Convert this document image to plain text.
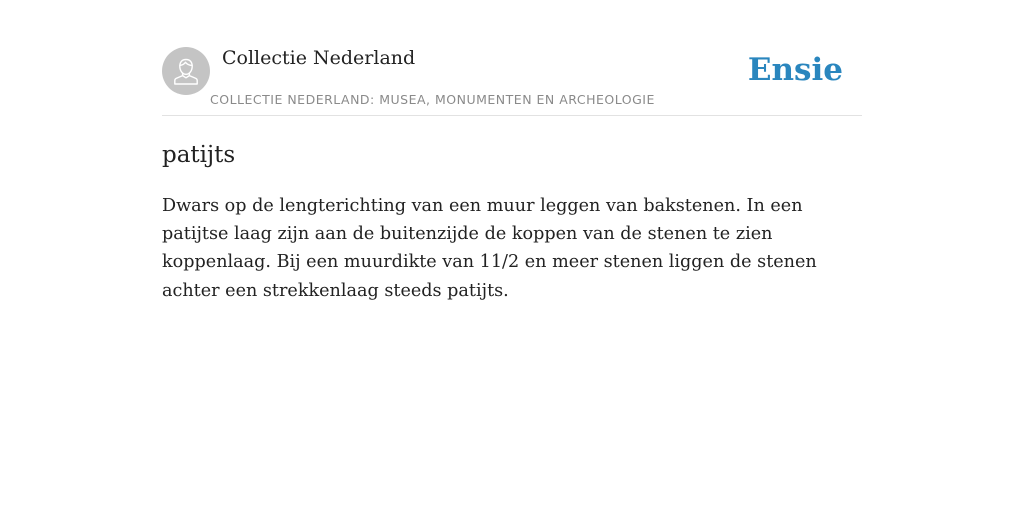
Collectie Nederland
COLLECTIE NEDERLAND: MUSEA, MONUMENTEN EN ARCHEOLOGIE
Ensie
patijts

Dwars op de lengterichting van een muur leggen van bakstenen. In een patijtse laag zijn aan de buitenzijde de koppen van de stenen te zien koppenlaag. Bij een muurdikte van 11/2 en meer stenen liggen de stenen achter een strekkenlaag steeds patijts.
